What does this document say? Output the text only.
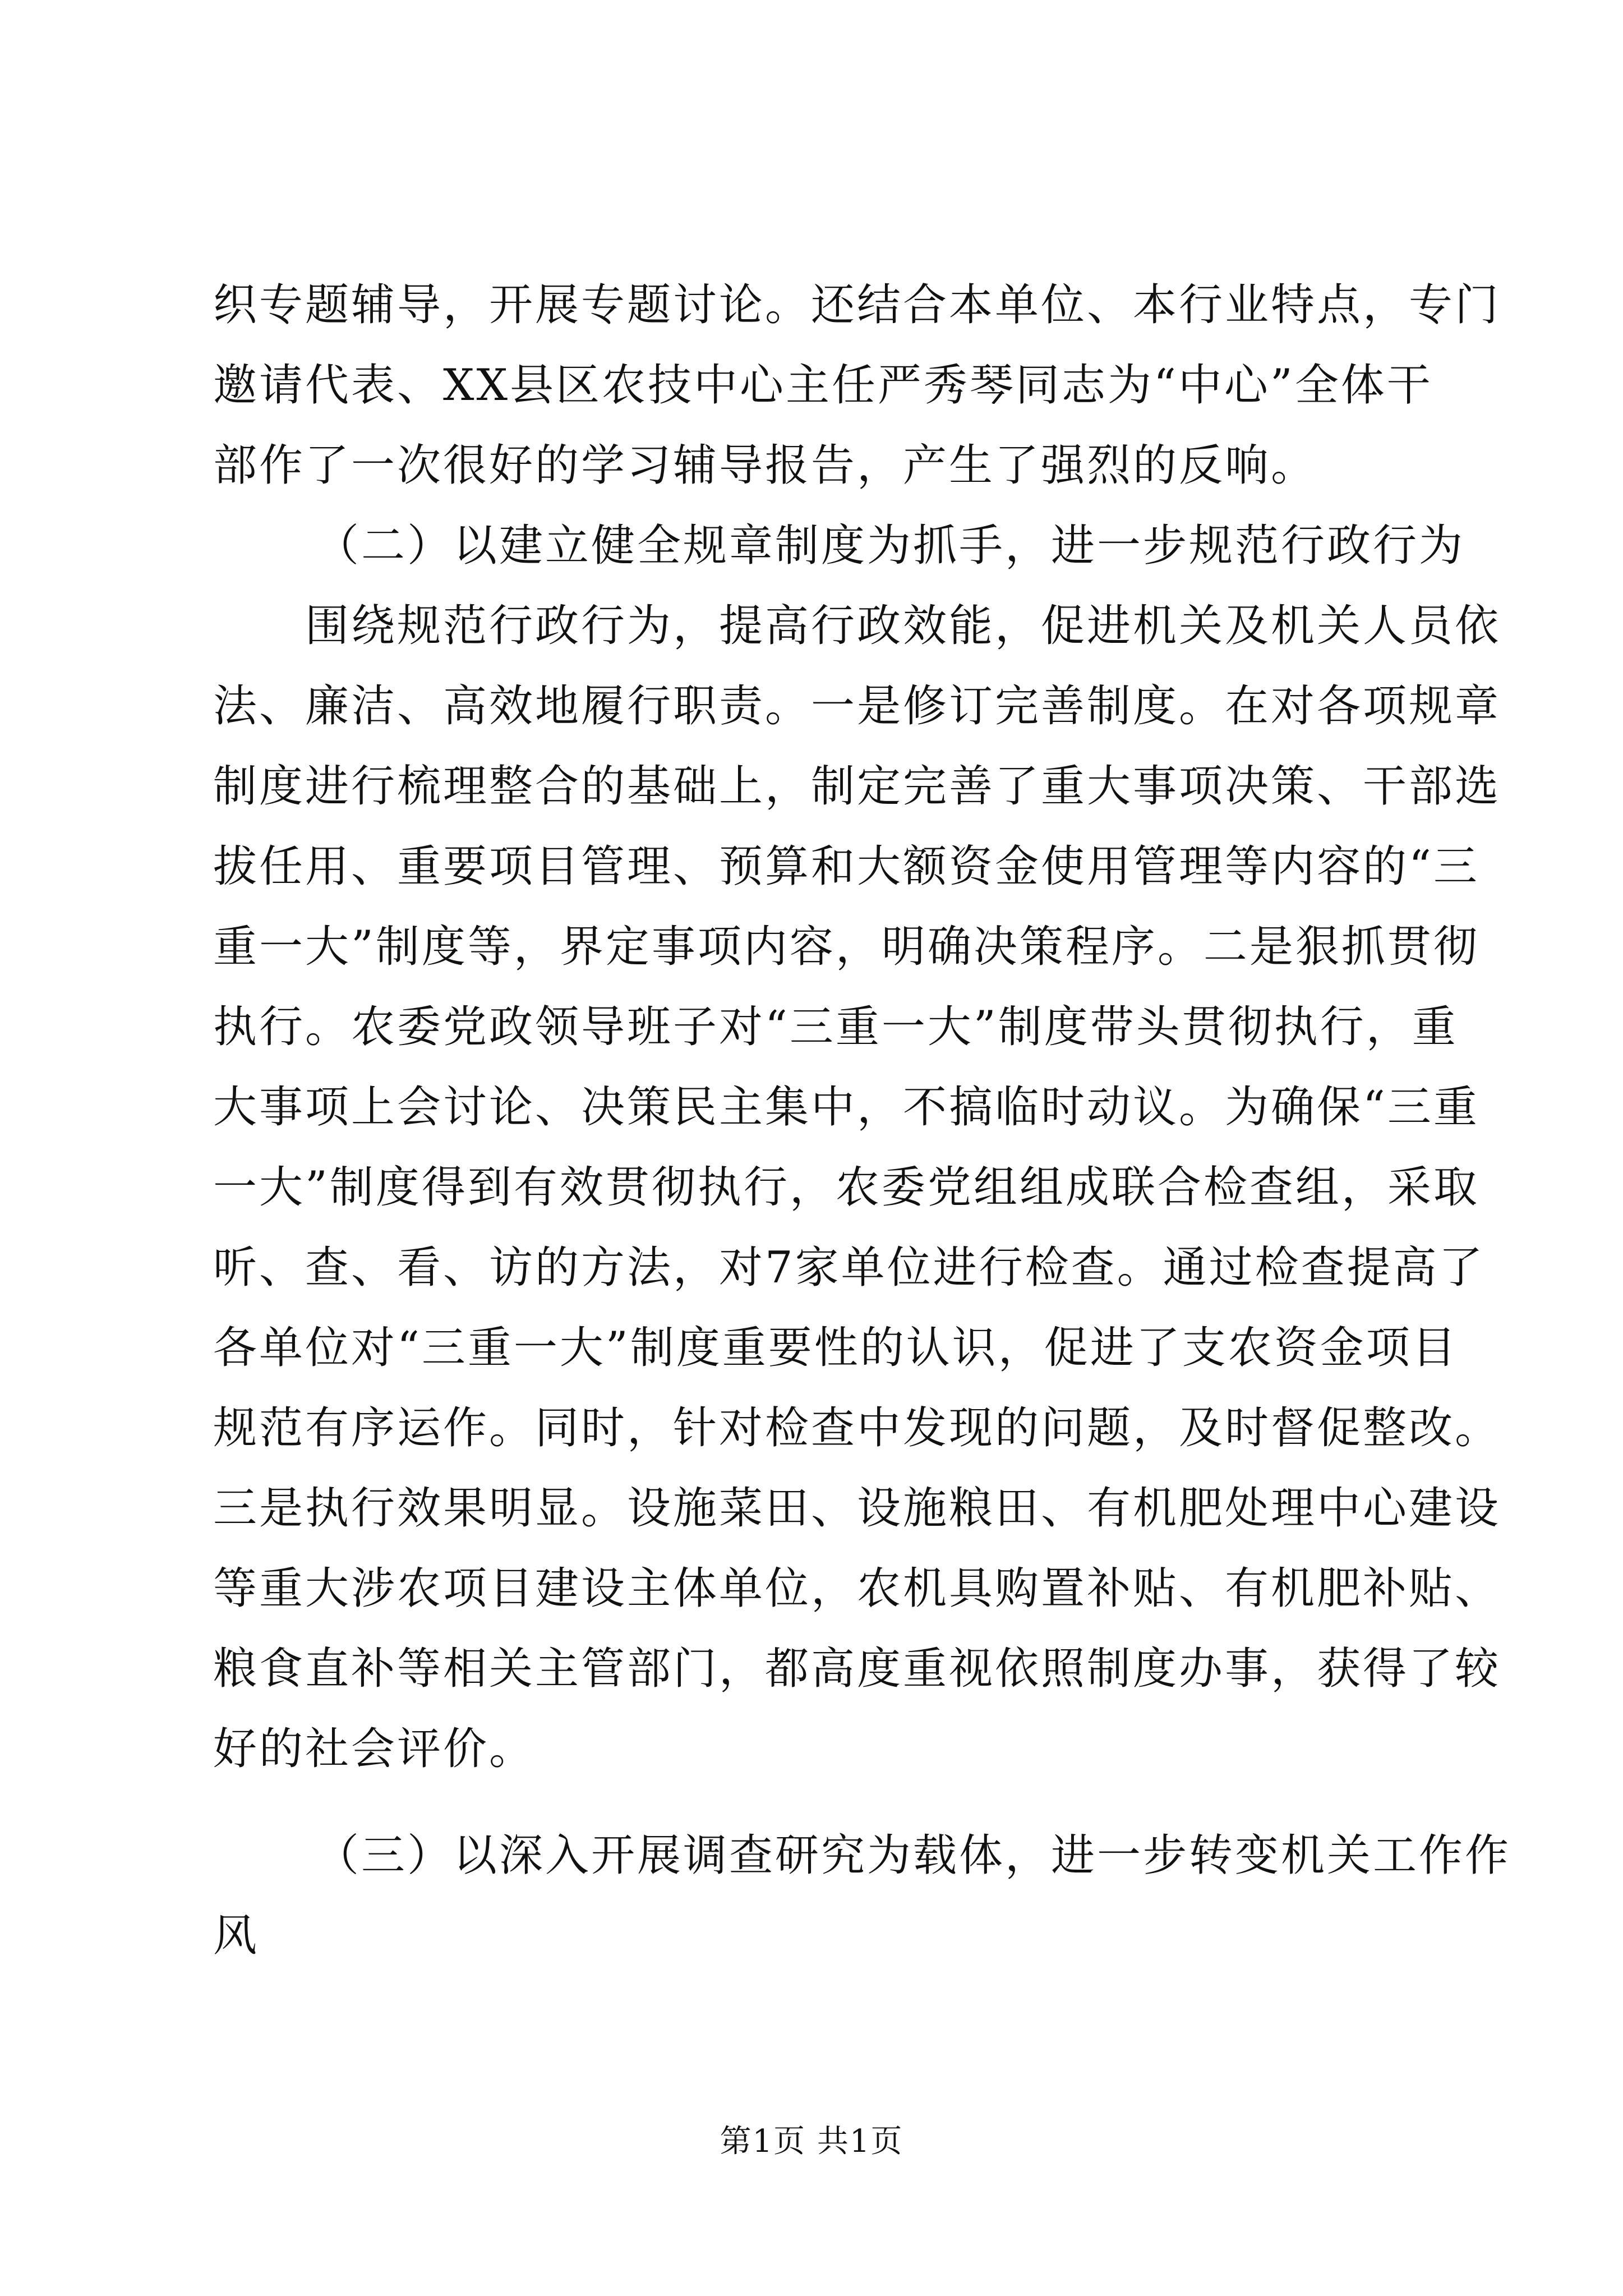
织专题辅导，开展专题讨论。还结合本单位、本行业特点，专门
邀请代表、XX县区农技中心主任严秀琴同志为“中心”全体干
部作了一次很好的学习辅导报告，产生了强烈的反响。
（二）以建立健全规章制度为抓手，进一步规范行政行为
围绕规范行政行为，提高行政效能，促进机关及机关人员依
法、廉洁、高效地履行职责。一是修订完善制度。在对各项规章
制度进行梳理整合的基础上，制定完善了重大事项决策、干部选
拔任用、重要项目管理、预算和大额资金使用管理等内容的“三
重一大”制度等，界定事项内容，明确决策程序。二是狠抓贯彻
执行。农委党政领导班子对“三重一大”制度带头贯彻执行，重
大事项上会讨论、决策民主集中，不搞临时动议。为确保“三重
一大”制度得到有效贯彻执行，农委党组组成联合检查组，采取
听、查、看、访的方法，对7家单位进行检查。通过检查提高了
各单位对“三重一大”制度重要性的认识，促进了支农资金项目
规范有序运作。同时，针对检查中发现的问题，及时督促整改。
三是执行效果明显。设施菜田、设施粮田、有机肥处理中心建设
等重大涉农项目建设主体单位，农机具购置补贴、有机肥补贴、
粮食直补等相关主管部门，都高度重视依照制度办事，获得了较
好的社会评价。
（三）以深入开展调查研究为载体，进一步转变机关工作作
风
第1页 共1页
